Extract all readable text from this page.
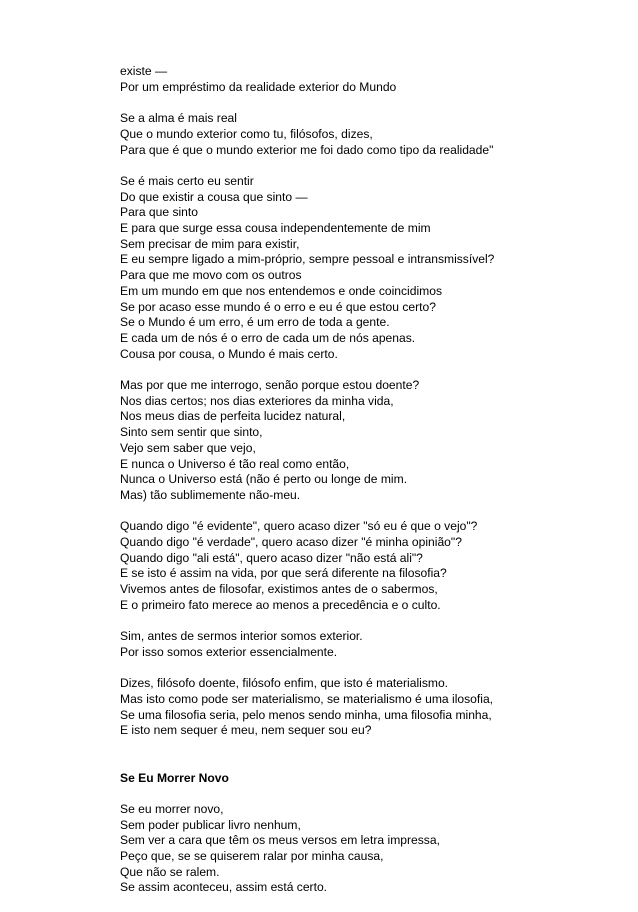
existe —
Por um empréstimo da realidade exterior do Mundo
Se a alma é mais real
Que o mundo exterior como tu, filósofos, dizes,
Para que é que o mundo exterior me foi dado como tipo da realidade"
Se é mais certo eu sentir
Do que existir a cousa que sinto —
Para que sinto
E para que surge essa cousa independentemente de mim
Sem precisar de mim para existir,
E eu sempre ligado a mim-próprio, sempre pessoal e intransmissível?
Para que me movo com os outros
Em um mundo em que nos entendemos e onde coincidimos
Se por acaso esse mundo é o erro e eu é que estou certo?
Se o Mundo é um erro, é um erro de toda a gente.
E cada um de nós é o erro de cada um de nós apenas.
Cousa por cousa, o Mundo é mais certo.
Mas por que me interrogo, senão porque estou doente?
Nos dias certos; nos dias exteriores da minha vida,
Nos meus dias de perfeita lucidez natural,
Sinto sem sentir que sinto,
Vejo sem saber que vejo,
E nunca o Universo é tão real como então,
Nunca o Universo está (não é perto ou longe de mim.
Mas) tão sublimemente não-meu.
Quando digo "é evidente", quero acaso dizer "só eu é que o vejo"?
Quando digo "é verdade", quero acaso dizer "é minha opinião"?
Quando digo "ali está", quero acaso dizer "não está ali"?
E se isto é assim na vida, por que será diferente na filosofia?
Vivemos antes de filosofar, existimos antes de o sabermos,
E o primeiro fato merece ao menos a precedência e o culto.
Sim, antes de sermos interior somos exterior.
Por isso somos exterior essencialmente.
Dizes, filósofo doente, filósofo enfim, que isto é materialismo.
Mas isto como pode ser materialismo, se materialismo é uma ilosofia,
Se uma filosofia seria, pelo menos sendo minha, uma filosofia minha,
E isto nem sequer é meu, nem sequer sou eu?
Se Eu Morrer Novo
Se eu morrer novo,
Sem poder publicar livro nenhum,
Sem ver a cara que têm os meus versos em letra impressa,
Peço que, se se quiserem ralar por minha causa,
Que não se ralem.
Se assim aconteceu, assim está certo.
